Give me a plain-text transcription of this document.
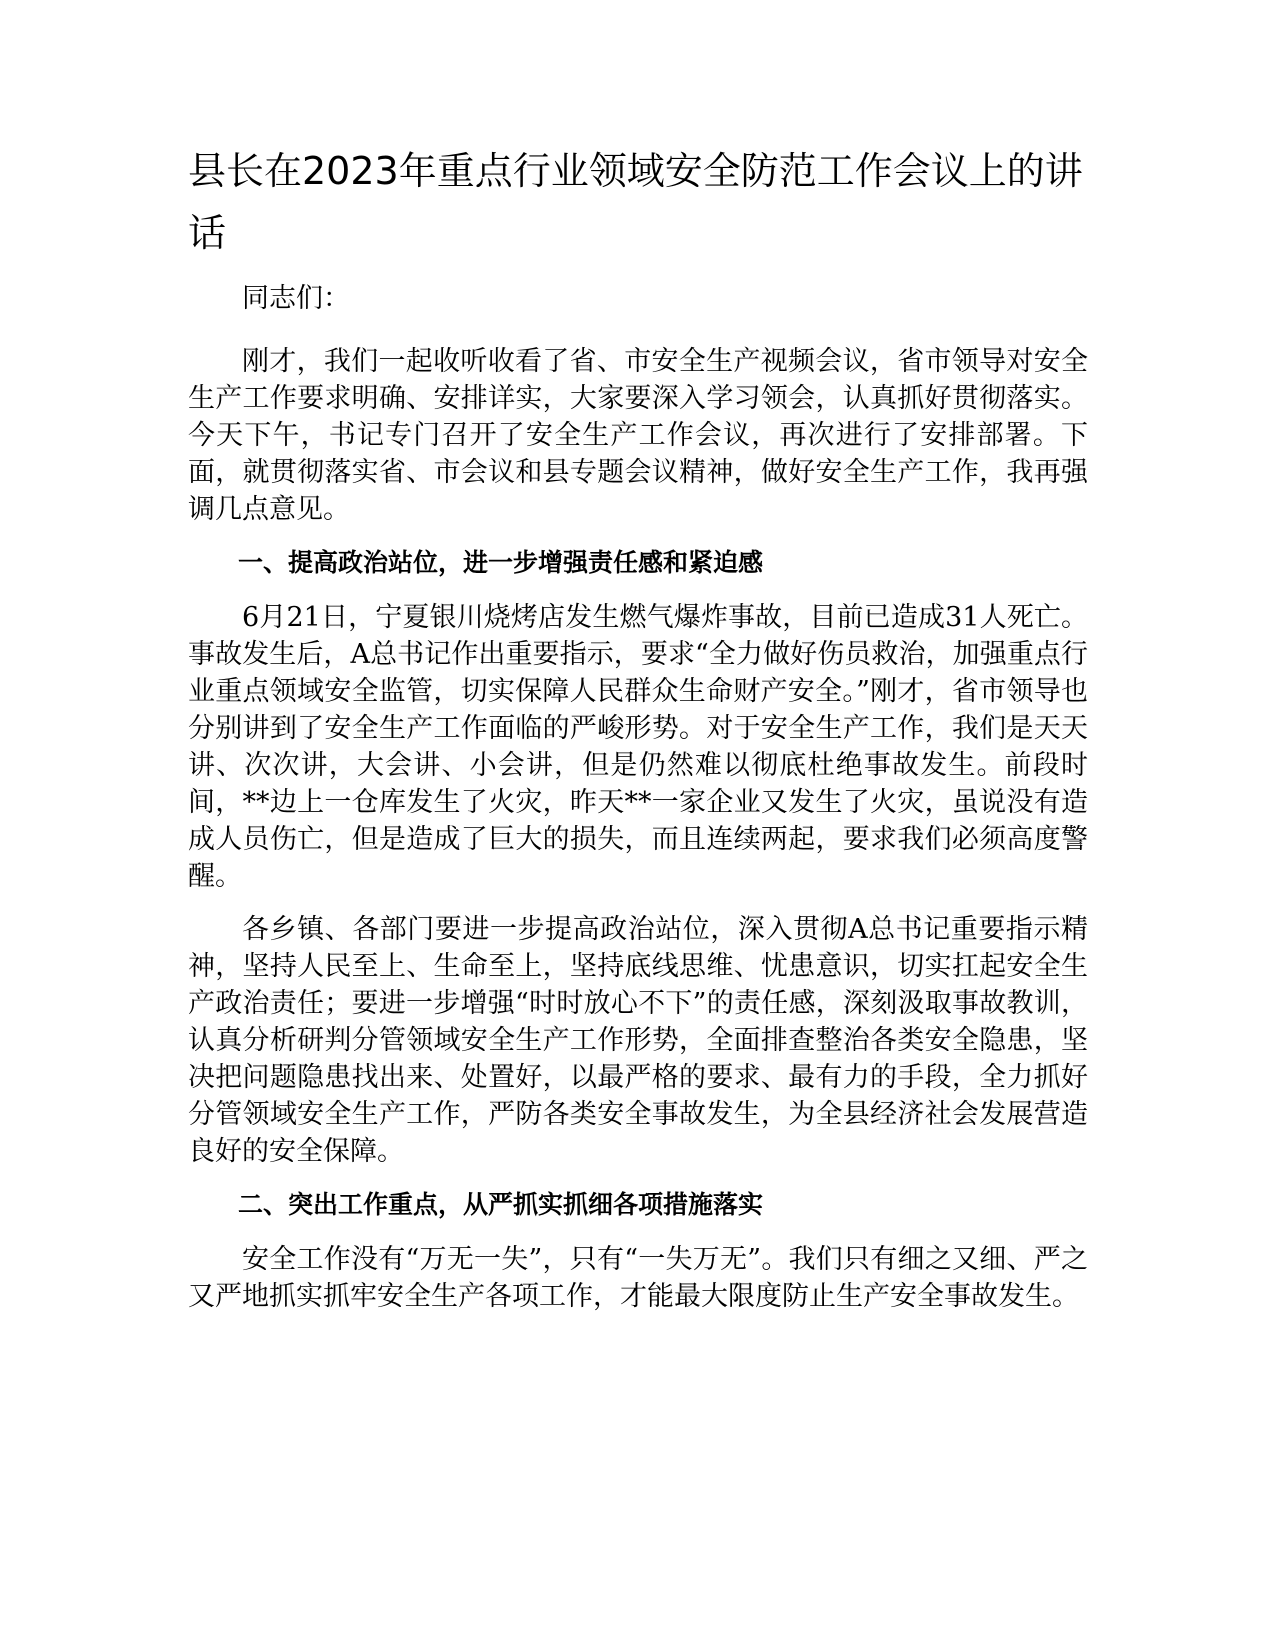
县长在2023年重点行业领域安全防范工作会议上的讲话

同志们：

刚才，我们一起收听收看了省、市安全生产视频会议，省市领导对安全生产工作要求明确、安排详实，大家要深入学习领会，认真抓好贯彻落实。今天下午，书记专门召开了安全生产工作会议，再次进行了安排部署。下面，就贯彻落实省、市会议和县专题会议精神，做好安全生产工作，我再强调几点意见。

一、提高政治站位，进一步增强责任感和紧迫感

6月21日，宁夏银川烧烤店发生燃气爆炸事故，目前已造成31人死亡。事故发生后，A总书记作出重要指示，要求“全力做好伤员救治，加强重点行业重点领域安全监管，切实保障人民群众生命财产安全。”刚才，省市领导也分别讲到了安全生产工作面临的严峻形势。对于安全生产工作，我们是天天讲、次次讲，大会讲、小会讲，但是仍然难以彻底杜绝事故发生。前段时间，**边上一仓库发生了火灾，昨天**一家企业又发生了火灾，虽说没有造成人员伤亡，但是造成了巨大的损失，而且连续两起，要求我们必须高度警醒。

各乡镇、各部门要进一步提高政治站位，深入贯彻A总书记重要指示精神，坚持人民至上、生命至上，坚持底线思维、忧患意识，切实扛起安全生产政治责任；要进一步增强“时时放心不下”的责任感，深刻汲取事故教训，认真分析研判分管领域安全生产工作形势，全面排查整治各类安全隐患，坚决把问题隐患找出来、处置好，以最严格的要求、最有力的手段，全力抓好分管领域安全生产工作，严防各类安全事故发生，为全县经济社会发展营造良好的安全保障。

二、突出工作重点，从严抓实抓细各项措施落实

安全工作没有“万无一失”，只有“一失万无”。我们只有细之又细、严之又严地抓实抓牢安全生产各项工作，才能最大限度防止生产安全事故发生。
